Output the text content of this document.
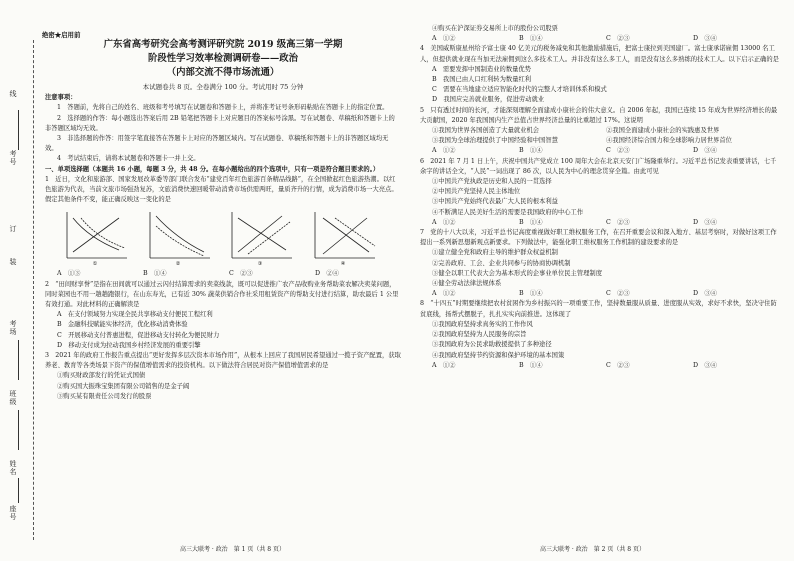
线
考号
订
装
考场
班级
姓名
座号
绝密★启用前
广东省高考研究会高考测评研究院 2019 级高三第一学期
阶段性学习效率检测调研卷——政治
（内部交流不得市场流通）
本试题卷共 8 页。全卷满分 100 分。考试用时 75 分钟
注意事项：

1　答题前，先将自己的姓名、班级和考号填写在试题卷和答题卡上，并将准考证号条形码粘贴在答题卡上的指定位置。

2　选择题的作答：每小题选出答案后用 2B 铅笔把答题卡上对应题目的答案标号涂黑。写在试题卷、草稿纸和答题卡上的非答题区域均无效。

3　非选择题的作答：用签字笔直接答在答题卡上对应的答题区域内。写在试题卷、草稿纸和答题卡上的非答题区域均无效。

4　考试结束后，请将本试题卷和答题卡一并上交。

一、单项选择题（本题共 16 小题，每题 3 分，共 48 分。在每小题给出的四个选项中，只有一项是符合题目要求的。）

1　近日，文化和旅游部、国家发展改革委等部门联合发布“建党百年红色旅游百条精品线路”，在全国掀起红色旅游热潮。以红色旅游为代表，当前文旅市场强劲复苏，文旅消费快速回暖带动消费市场供需两旺，量质齐升的行情，成为消费市场一大亮点。假定其他条件不变，能正确反映这一变化的是

①	②	③	④
A　①③	B　①④	C　②③	D　②④

2　“田间财享誉”是指在田间就可以通过云闪付结算需求的卖菜线款，既可以促进推广农产品收购业务帮助菜农解决卖菜问题，同时菜园也不用一趟趟跑银行，在山东寿光，已有近 30% 蔬菜供销合作社采用租赁资产的帮助支付进行结算，助农最后 1 公里有效打通。对此材料的正确解读是

A　在支付领域努力实现全民共享移动支付便民工程红利

B　金融科技赋能实体经济，优化移动消费体验

C　开展移动支付普惠进程，促进移动支付转化为便民财力

D　移动支付成为拉动我国乡村经济发展的重要引擎

3　2021 年的政府工作报告重点提出“更好发挥多层次资本市场作用”，从根本上回应了我国居民希望通过一揽子资产配置，获取养老、教育等各类场景下资产的保值增值需求的投资机构。以下做法符合居民对资产保值增值需求的是

①购买财政部发行的凭证式国债

②购买国大振珠宝集团有限公司销售的是金子阔

③购买某有限责任公司发行的股票

④购买在沪深证券交易所上市的股份公司股票

A　①②	B　①④	C　②③	D　③④

4　美国威斯康星州给予富士康 40 亿美元的税务减免和其他激励措施后，把富士康拉到美国建厂。富士康承诺雇佣 13000 名工人，但提供就业现在当加无法雇佣到这么多技术工人。并非没有这么多工人，而是没有这么多熟练的技术工人。以下启示正确的是

A　需要发挥中国制造业的数量优势

B　我国已由人口红利转为数量红利

C　需要在当地建立适应智能化时代的完整人才培训体系和模式

D　我国应完善就业服务，促进劳动就业

5　只有透过时间的长河，才能深刻理解全面建成小康社会的伟大意义。自 2006 年起，我国已连续 15 年成为世界经济增长的最大贡献国，2020 年我国国内生产总值占世界经济总量的比重超过 17%。这说明

①我国为世界各国创造了大量就业机会	②我国全面建成小康社会的实践惠及世界
③我国为全球治理提供了中国经验和中国智慧	④我国经济综合国力和全球影响力居世界首位
A　①②	B　①④	C　②③	D　③④

6　2021 年 7 月 1 日上午，庆祝中国共产党成立 100 周年大会在北京天安门广场隆重举行。习近平总书记发表重要讲话，七千余字的讲话全文，“人民”一词出现了 86 次，以人民为中心的理念贯穿全篇。由此可见

①中国共产党执政是历史和人民的一贯选择

②中国共产党坚持人民主体地位

③中国共产党始终代表最广大人民的根本利益

④不断满足人民美好生活的需要是我国政府的中心工作

A　①②	B　①④	C　②③	D　③④

7　党的十八大以来，习近平总书记高度重视做好职工维权服务工作，在召开重要会议和深入地方、基层考察时，对做好这项工作提出一系列新思想新观点新要求。下列做法中，能强化职工维权服务工作机制的建设要求的是

①建立健全党和政府主导的维护群众权益机制

②完善政府、工会、企业共同参与的协商协调机制

③健全以职工代表大会为基本形式的企事业单位民主管理制度

④健全劳动法律法规体系

A　①②	B　①④	C　②③	D　③④

8　“十四五”时期要继续把农村贫困作为乡村振兴的一项重要工作，坚持数量服从质量、进度服从实效，求好不求快，坚决守住防贫底线，扬帮式摆脱子，扎扎实实向前推进。这体现了

①我国政府坚持求真务实的工作作风

②我国政府坚持为人民服务的宗旨

③我国政府为公民求助救援提供了多种途径

④我国政府坚持节约资源和保护环境的基本国策

A　①②	B　①④	C　②③	D　③④
高三大联考 · 政治　第 1 页（共 8 页）	高三大联考 · 政治　第 2 页（共 8 页）
